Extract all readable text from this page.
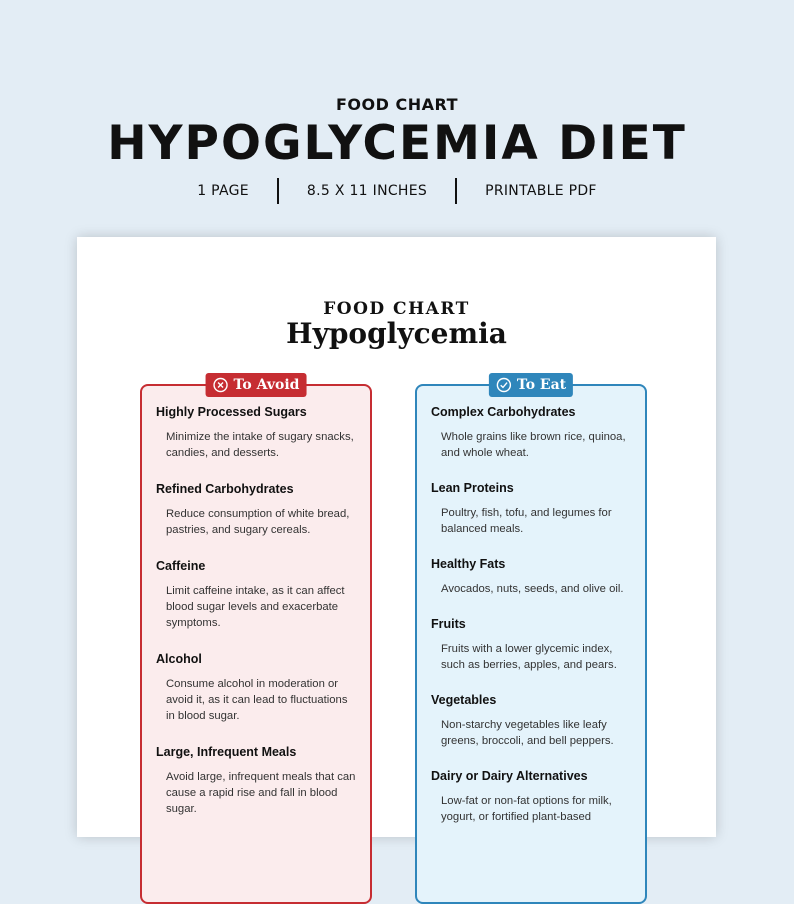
FOOD CHART
HYPOGLYCEMIA DIET
1 PAGE	8.5 X 11 INCHES	PRINTABLE PDF
FOOD CHART
Hypoglycemia
To Avoid
Highly Processed Sugars
Minimize the intake of sugary snacks, candies, and desserts.
Refined Carbohydrates
Reduce consumption of white bread, pastries, and sugary cereals.
Caffeine
Limit caffeine intake, as it can affect blood sugar levels and exacerbate symptoms.
Alcohol
Consume alcohol in moderation or avoid it, as it can lead to fluctuations in blood sugar.
Large, Infrequent Meals
Avoid large, infrequent meals that can cause a rapid rise and fall in blood sugar.
To Eat
Complex Carbohydrates
Whole grains like brown rice, quinoa, and whole wheat.
Lean Proteins
Poultry, fish, tofu, and legumes for balanced meals.
Healthy Fats
Avocados, nuts, seeds, and olive oil.
Fruits
Fruits with a lower glycemic index, such as berries, apples, and pears.
Vegetables
Non-starchy vegetables like leafy greens, broccoli, and bell peppers.
Dairy or Dairy Alternatives
Low-fat or non-fat options for milk, yogurt, or fortified plant-based
